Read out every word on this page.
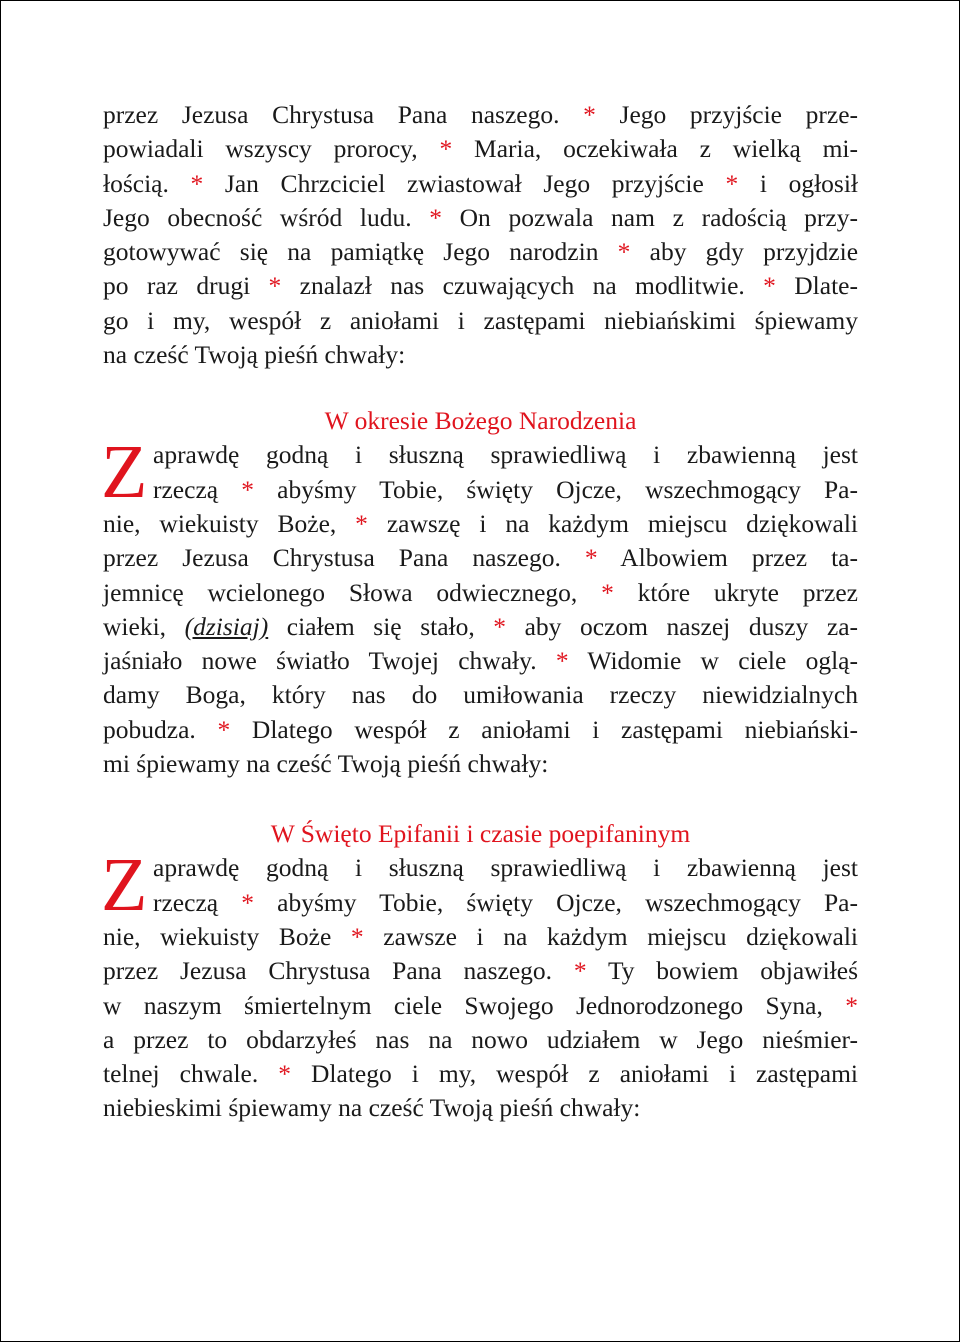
przez Jezusa Chrystusa Pana naszego. * Jego przyjście prze-
powiadali wszyscy prorocy, * Maria, oczekiwała z wielką mi-
łością. * Jan Chrzciciel zwiastował Jego przyjście * i ogłosił
Jego obecność wśród ludu. * On pozwala nam z radością przy-
gotowywać się na pamiątkę Jego narodzin * aby gdy przyjdzie
po raz drugi * znalazł nas czuwających na modlitwie. * Dlate-
go i my, wespół z aniołami i zastępami niebiańskimi śpiewamy
na cześć Twoją pieśń chwały:
W okresie Bożego Narodzenia
Z aprawdę godną i słuszną sprawiedliwą i zbawienną jest
rzeczą * abyśmy Tobie, święty Ojcze, wszechmogący Pa-
nie, wiekuisty Boże, * zawszę i na każdym miejscu dziękowali
przez Jezusa Chrystusa Pana naszego. * Albowiem przez ta-
jemnicę wcielonego Słowa odwiecznego, * które ukryte przez
wieki, (dzisiaj) ciałem się stało, * aby oczom naszej duszy za-
jaśniało nowe światło Twojej chwały. * Widomie w ciele oglą-
damy Boga, który nas do umiłowania rzeczy niewidzialnych
pobudza. * Dlatego wespół z aniołami i zastępami niebiański-
mi śpiewamy na cześć Twoją pieśń chwały:
W Święto Epifanii i czasie poepifaninym
Z aprawdę godną i słuszną sprawiedliwą i zbawienną jest
rzeczą * abyśmy Tobie, święty Ojcze, wszechmogący Pa-
nie, wiekuisty Boże * zawsze i na każdym miejscu dziękowali
przez Jezusa Chrystusa Pana naszego. * Ty bowiem objawiłeś
w naszym śmiertelnym ciele Swojego Jednorodzonego Syna, *
a przez to obdarzyłeś nas na nowo udziałem w Jego nieśmier-
telnej chwale. * Dlatego i my, wespół z aniołami i zastępami
niebieskimi śpiewamy na cześć Twoją pieśń chwały:
